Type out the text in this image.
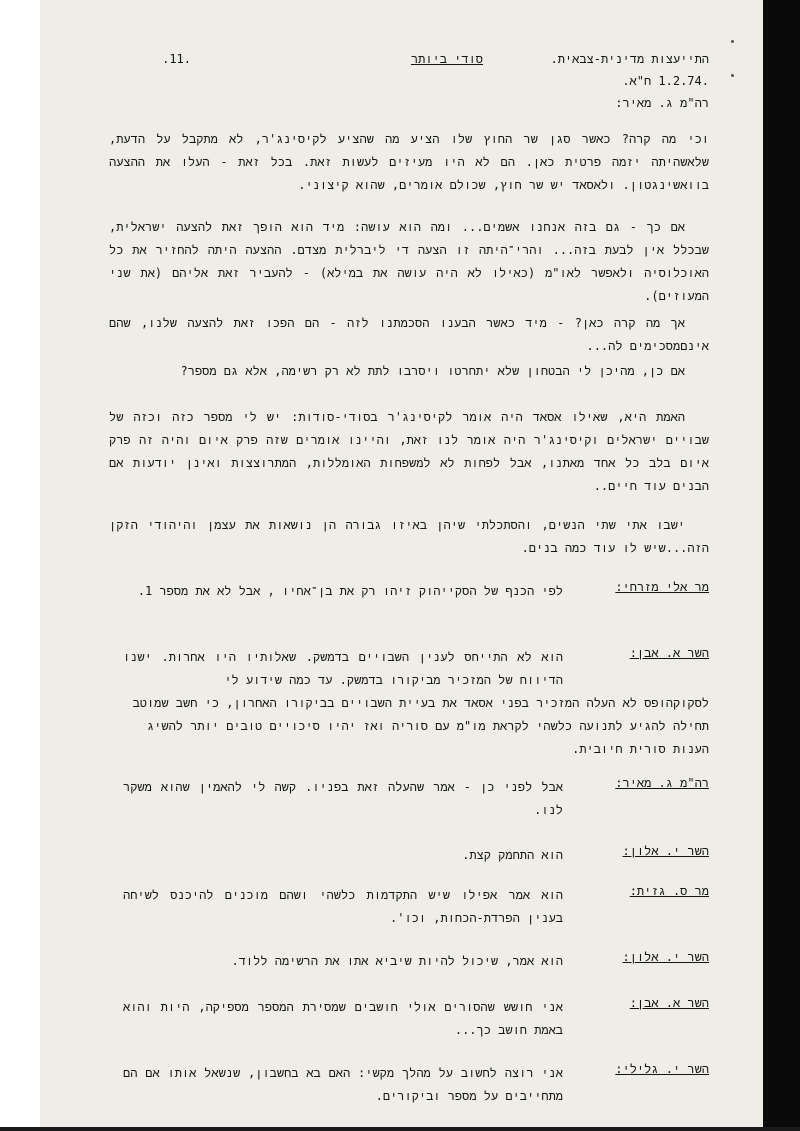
התייעצות מדינית-צבאית.
.1.2.74 ח"א.
רה"מ ג. מאיר:
סודי ביותר
.11.
וכי מה קרה? כאשר סגן שר החוץ שלו הציע מה שהציע לקיסינג'ר, לא מתקבל על הדעת, שלאשהיתה יזמה פרטית כאן. הם לא היו מעיזים לעשות זאת. בכל זאת - העלו את ההצעה בוואשינגטון. ולאסאד יש שר חוץ, שכולם אומרים, שהוא קיצוני.
אם כך - גם בזה אנחנו אשמים... ומה הוא עושה: מיד הוא הופך זאת להצעה ישראלית, שבכלל אין לבעת בזה... והרי־היתה זו הצעה די ליברלית מצדם. ההצעה היתה להחזיר את כל האוכלוסיה ולאפשר לאו"מ (כאילו לא היה עושה את במילא) - להעביר זאת אליהם (את שני המעוזים).
אך מה קרה כאן? - מיד כאשר הבענו הסכמתנו לזה - הם הפכו זאת להצעה שלנו, שהם אינםמסכימים לה...
אם כן, מהיכן לי הבטחון שלא יתחרטו ויסרבו לתת לא רק רשימה, אלא גם מספר?
האמת היא, שאילו אסאד היה אומר לקיסינג'ר בסודי-סודות: יש לי מספר כזה וכזה של שבויים ישראלים וקיסינג'ר היה אומר לנו זאת, והיינו אומרים שזה פרק איום והיה זה פרק איום בלב כל אחד מאתנו, אבל לפחות לא למשפחות האומללות, המתרוצצות ואינן יודעות אם הבנים עוד חיים..
ישבו אתי שתי הנשים, והסתכלתי שיהן באיזו גבורה הן נושאות את עצמן והיהודי הזקן הזה...שיש לו עוד כמה בנים.
מר אלי מזרחי:
לפי הכנף של הסקייהוק זיהו רק את בן־אחיו , אבל לא את מספר 1.
השר א. אבן:
הוא לא התייחס לענין השבויים בדמשק. שאלותיו היו אחרות. ישנו הדיווח של המזכיר מביקורו בדמשק. עד כמה שידוע לי
לסקוקהופס לא העלה המזכיר בפני אסאד את בעיית השבויים בביקורו האחרון, כי חשב שמוטב תחילה להגיע לתנועה כלשהי לקראת מו"מ עם סוריה ואז יהיו סיכויים טובים יותר להשיג הענות סורית חיובית.
רה"מ ג. מאיר:
אבל לפני כן - אמר שהעלה זאת בפניו. קשה לי להאמין שהוא משקר לנו.
השר י. אלון:
הוא התחמק קצת.
מר ס. גזית:
הוא אמר אפילו שיש התקדמות כלשהי ושהם מוכנים להיכנס לשיחה בענין הפרדת-הכחות, וכו'.
השר י. אלון:
הוא אמר, שיכול להיות שיביא אתו את הרשימה ללוד.
השר א. אבן:
אני חושש שהסורים אולי חושבים שמסירת המספר מספיקה, היות והוא באמת חושב כך...
השר י. גלילי:
אני רוצה לחשוב על מהלך מקשי: האם בא בחשבון, שנשאל אותו אם הם מתחייבים על מספר וביקורים.
